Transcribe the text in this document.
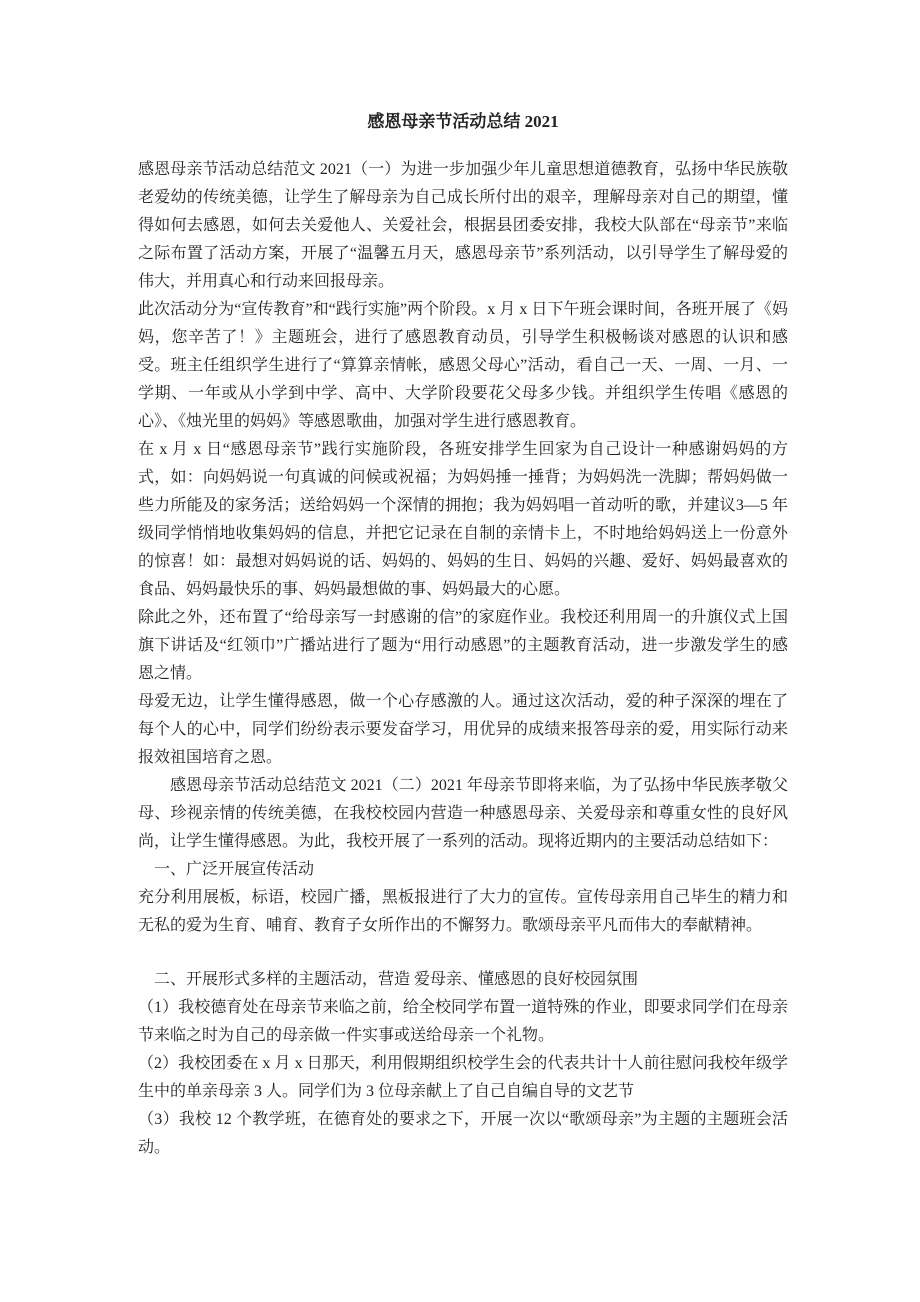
感恩母亲节活动总结 2021

感恩母亲节活动总结范文 2021（一）为进一步加强少年儿童思想道德教育，弘扬中华民族敬老爱幼的传统美德，让学生了解母亲为自己成长所付出的艰辛，理解母亲对自己的期望，懂得如何去感恩，如何去关爱他人、关爱社会，根据县团委安排，我校大队部在“母亲节”来临之际布置了活动方案，开展了“温馨五月天，感恩母亲节”系列活动，以引导学生了解母爱的伟大，并用真心和行动来回报母亲。

此次活动分为“宣传教育”和“践行实施”两个阶段。x 月 x 日下午班会课时间，各班开展了《妈妈，您辛苦了！》主题班会，进行了感恩教育动员，引导学生积极畅谈对感恩的认识和感受。班主任组织学生进行了“算算亲情帐，感恩父母心”活动，看自己一天、一周、一月、一学期、一年或从小学到中学、高中、大学阶段要花父母多少钱。并组织学生传唱《感恩的心》、《烛光里的妈妈》等感恩歌曲，加强对学生进行感恩教育。

在 x 月 x 日“感恩母亲节”践行实施阶段，各班安排学生回家为自己设计一种感谢妈妈的方式，如：向妈妈说一句真诚的问候或祝福；为妈妈捶一捶背；为妈妈洗一洗脚；帮妈妈做一些力所能及的家务活；送给妈妈一个深情的拥抱；我为妈妈唱一首动听的歌，并建议3—5 年级同学悄悄地收集妈妈的信息，并把它记录在自制的亲情卡上，不时地给妈妈送上一份意外的惊喜！如：最想对妈妈说的话、妈妈的、妈妈的生日、妈妈的兴趣、爱好、妈妈最喜欢的食品、妈妈最快乐的事、妈妈最想做的事、妈妈最大的心愿。

除此之外，还布置了“给母亲写一封感谢的信”的家庭作业。我校还利用周一的升旗仪式上国旗下讲话及“红领巾”广播站进行了题为“用行动感恩”的主题教育活动，进一步激发学生的感恩之情。

母爱无边，让学生懂得感恩，做一个心存感激的人。通过这次活动，爱的种子深深的埋在了每个人的心中，同学们纷纷表示要发奋学习，用优异的成绩来报答母亲的爱，用实际行动来报效祖国培育之恩。

感恩母亲节活动总结范文 2021（二）2021 年母亲节即将来临，为了弘扬中华民族孝敬父母、珍视亲情的传统美德，在我校校园内营造一种感恩母亲、关爱母亲和尊重女性的良好风尚，让学生懂得感恩。为此，我校开展了一系列的活动。现将近期内的主要活动总结如下：

一、广泛开展宣传活动

充分利用展板，标语，校园广播，黑板报进行了大力的宣传。宣传母亲用自己毕生的精力和无私的爱为生育、哺育、教育子女所作出的不懈努力。歌颂母亲平凡而伟大的奉献精神。

二、开展形式多样的主题活动，营造 爱母亲、懂感恩的良好校园氛围

（1）我校德育处在母亲节来临之前，给全校同学布置一道特殊的作业，即要求同学们在母亲节来临之时为自己的母亲做一件实事或送给母亲一个礼物。

（2）我校团委在 x 月 x 日那天，利用假期组织校学生会的代表共计十人前往慰问我校年级学生中的单亲母亲 3 人。同学们为 3 位母亲献上了自己自编自导的文艺节

（3）我校 12 个教学班，在德育处的要求之下，开展一次以“歌颂母亲”为主题的主题班会活动。
